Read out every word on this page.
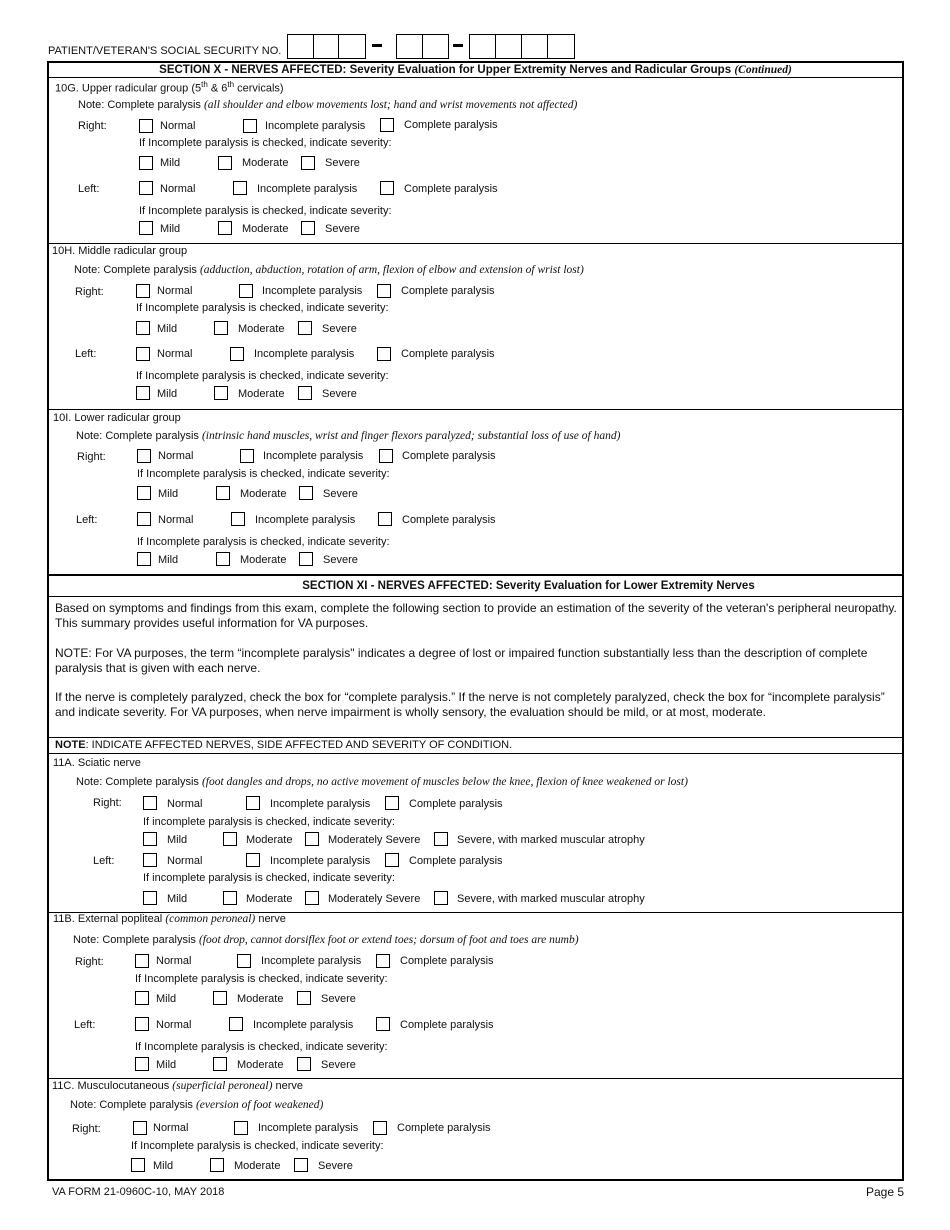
PATIENT/VETERAN'S SOCIAL SECURITY NO.
SECTION X - NERVES AFFECTED: Severity Evaluation for Upper Extremity Nerves and Radicular Groups (Continued)
10G. Upper radicular group (5th & 6th cervicals)
Note: Complete paralysis (all shoulder and elbow movements lost; hand and wrist movements not affected)
Right:	Normal	Incomplete paralysis	Complete paralysis
If Incomplete paralysis is checked, indicate severity:
Mild	Moderate	Severe
Left:	Normal	Incomplete paralysis	Complete paralysis
If Incomplete paralysis is checked, indicate severity:
Mild	Moderate	Severe
10H. Middle radicular group
Note: Complete paralysis (adduction, abduction, rotation of arm, flexion of elbow and extension of wrist lost)
Right:	Normal	Incomplete paralysis	Complete paralysis
If Incomplete paralysis is checked, indicate severity:
Mild	Moderate	Severe
Left:	Normal	Incomplete paralysis	Complete paralysis
If Incomplete paralysis is checked, indicate severity:
Mild	Moderate	Severe
10I. Lower radicular group
Note: Complete paralysis (intrinsic hand muscles, wrist and finger flexors paralyzed; substantial loss of use of hand)
Right:	Normal	Incomplete paralysis	Complete paralysis
If Incomplete paralysis is checked, indicate severity:
Mild	Moderate	Severe
Left:	Normal	Incomplete paralysis	Complete paralysis
If Incomplete paralysis is checked, indicate severity:
Mild	Moderate	Severe
SECTION XI - NERVES AFFECTED: Severity Evaluation for Lower Extremity Nerves
Based on symptoms and findings from this exam, complete the following section to provide an estimation of the severity of the veteran's peripheral neuropathy. This summary provides useful information for VA purposes.
NOTE: For VA purposes, the term “incomplete paralysis" indicates a degree of lost or impaired function substantially less than the description of complete paralysis that is given with each nerve.
If the nerve is completely paralyzed, check the box for “complete paralysis.” If the nerve is not completely paralyzed, check the box for “incomplete paralysis” and indicate severity. For VA purposes, when nerve impairment is wholly sensory, the evaluation should be mild, or at most, moderate.
NOTE: INDICATE AFFECTED NERVES, SIDE AFFECTED AND SEVERITY OF CONDITION.
11A. Sciatic nerve
Note: Complete paralysis (foot dangles and drops, no active movement of muscles below the knee, flexion of knee weakened or lost)
Right:	Normal	Incomplete paralysis	Complete paralysis
If incomplete paralysis is checked, indicate severity:
Mild	Moderate	Moderately Severe	Severe, with marked muscular atrophy
Left:	Normal	Incomplete paralysis	Complete paralysis
If incomplete paralysis is checked, indicate severity:
Mild	Moderate	Moderately Severe	Severe, with marked muscular atrophy
11B. External popliteal (common peroneal) nerve
Note: Complete paralysis (foot drop, cannot dorsiflex foot or extend toes; dorsum of foot and toes are numb)
Right:	Normal	Incomplete paralysis	Complete paralysis
If Incomplete paralysis is checked, indicate severity:
Mild	Moderate	Severe
Left:	Normal	Incomplete paralysis	Complete paralysis
If Incomplete paralysis is checked, indicate severity:
Mild	Moderate	Severe
11C. Musculocutaneous (superficial peroneal) nerve
Note: Complete paralysis (eversion of foot weakened)
Right:	Normal	Incomplete paralysis	Complete paralysis
If Incomplete paralysis is checked, indicate severity:
Mild	Moderate	Severe
VA FORM 21-0960C-10, MAY 2018	Page 5
